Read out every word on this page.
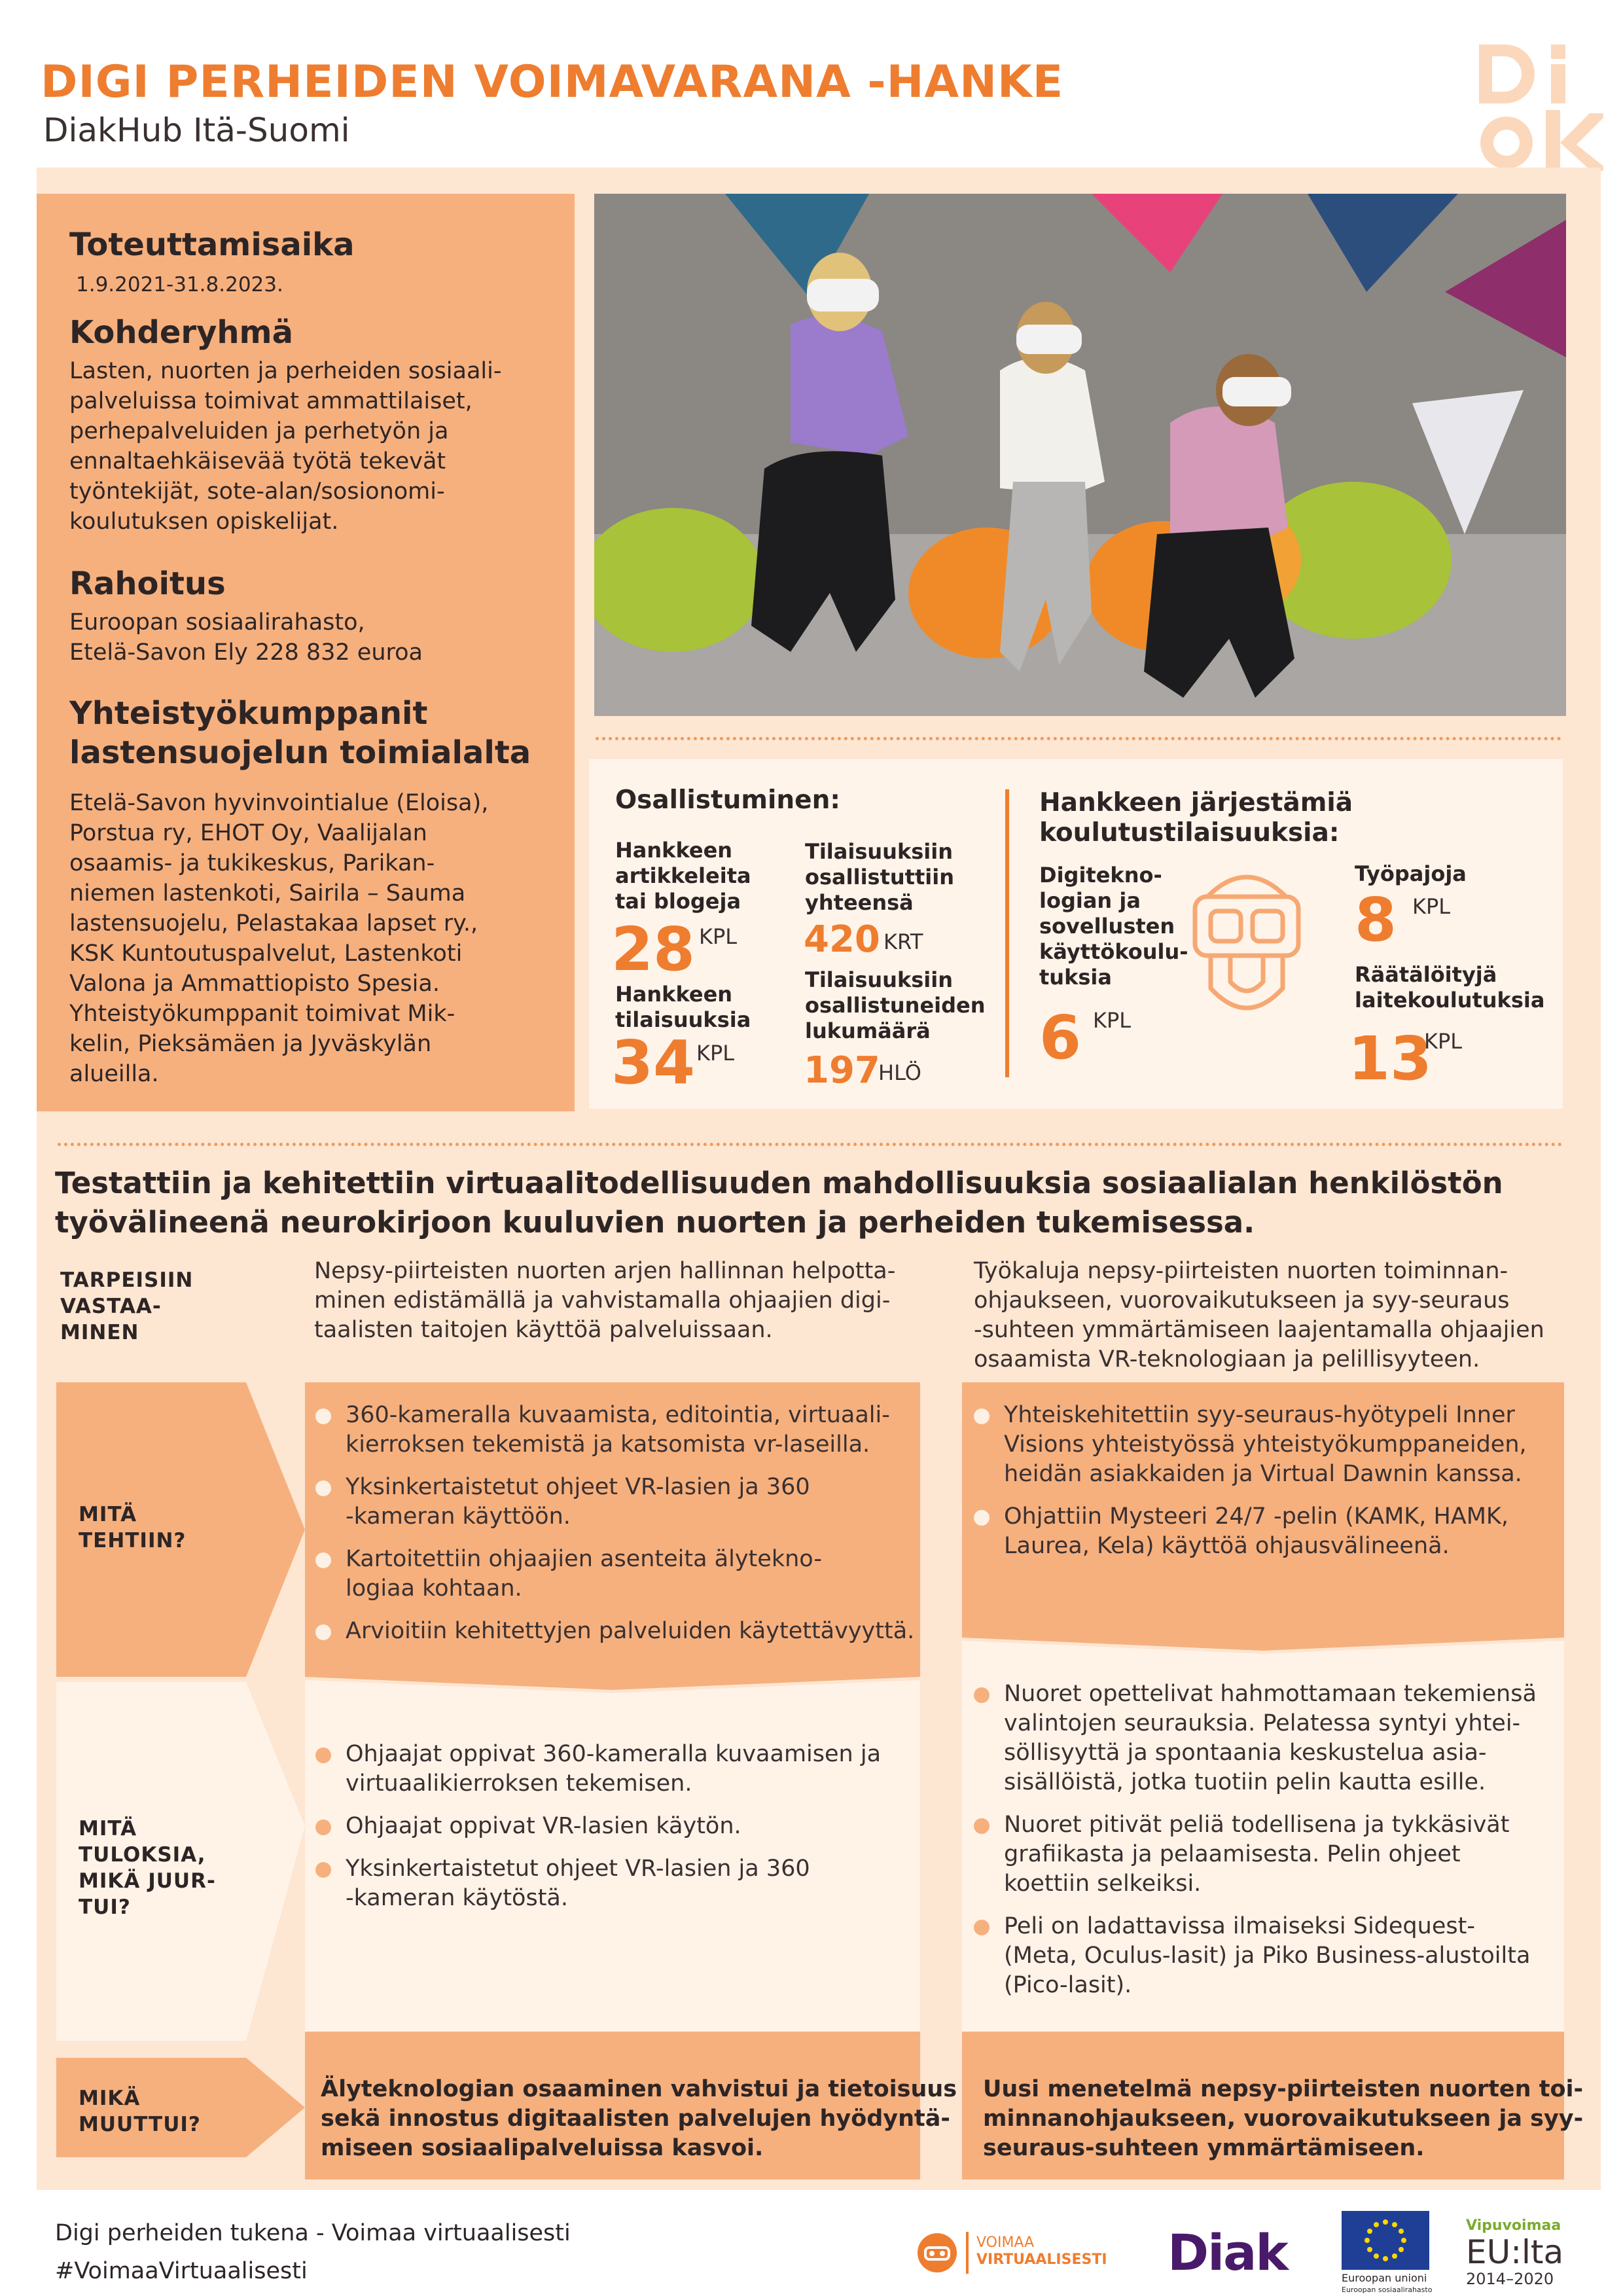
DIGI PERHEIDEN VOIMAVARANA -HANKE
DiakHub Itä-Suomi
Toteuttamisaika
1.9.2021-31.8.2023.
Kohderyhmä
Lasten, nuorten ja perheiden sosiaali-
palveluissa toimivat ammattilaiset,
perhepalveluiden ja perhetyön ja
ennaltaehkäisevää työtä tekevät
työntekijät, sote-alan/sosionomi-
koulutuksen opiskelijat.
Rahoitus
Euroopan sosiaalirahasto,
Etelä-Savon Ely 228 832 euroa
Yhteistyökumppanit
lastensuojelun toimialalta
Etelä-Savon hyvinvointialue (Eloisa),
Porstua ry, EHOT Oy, Vaalijalan
osaamis- ja tukikeskus, Parikan-
niemen lastenkoti, Sairila – Sauma
lastensuojelu, Pelastakaa lapset ry.,
KSK Kuntoutuspalvelut, Lastenkoti
Valona ja Ammattiopisto Spesia.
Yhteistyökumppanit toimivat Mik-
kelin, Pieksämäen ja Jyväskylän
alueilla.
Osallistuminen:
Hankkeen
artikkeleita
tai blogeja
28 KPL
Hankkeen
tilaisuuksia
34 KPL
Tilaisuuksiin
osallistuttiin
yhteensä
420 KRT
Tilaisuuksiin
osallistuneiden
lukumäärä
197
HLÖ
Hankkeen järjestämiä
koulutustilaisuuksia:
Digitekno-
logian ja
sovellusten
käyttökoulu-
tuksia
6 KPL
Työpajoja
8 KPL
Räätälöityjä
laitekoulutuksia
13
KPL
Testattiin ja kehitettiin virtuaalitodellisuuden mahdollisuuksia sosiaalialan henkilöstön
työvälineenä neurokirjoon kuuluvien nuorten ja perheiden tukemisessa.
TARPEISIIN
VASTAA-
MINEN
Nepsy-piirteisten nuorten arjen hallinnan helpotta-
minen edistämällä ja vahvistamalla ohjaajien digi-
taalisten taitojen käyttöä palveluissaan.
Työkaluja nepsy-piirteisten nuorten toiminnan-
ohjaukseen, vuorovaikutukseen ja syy-seuraus
-suhteen ymmärtämiseen laajentamalla ohjaajien
osaamista VR-teknologiaan ja pelillisyyteen.
MITÄ
TEHTIIN?
MITÄ
TULOKSIA,
MIKÄ JUUR-
TUI?
MIKÄ
MUUTTUI?
360-kameralla kuvaamista, editointia, virtuaali-
kierroksen tekemistä ja katsomista vr-laseilla.
Yksinkertaistetut ohjeet VR-lasien ja 360
-kameran käyttöön.
Kartoitettiin ohjaajien asenteita älytekno-
logiaa kohtaan.
Arvioitiin kehitettyjen palveluiden käytettävyyttä.
Yhteiskehitettiin syy-seuraus-hyötypeli Inner
Visions yhteistyössä yhteistyökumppaneiden,
heidän asiakkaiden ja Virtual Dawnin kanssa.
Ohjattiin Mysteeri 24/7 -pelin (KAMK, HAMK,
Laurea, Kela) käyttöä ohjausvälineenä.
Ohjaajat oppivat 360-kameralla kuvaamisen ja
virtuaalikierroksen tekemisen.
Ohjaajat oppivat VR-lasien käytön.
Yksinkertaistetut ohjeet VR-lasien ja 360
-kameran käytöstä.
Nuoret opettelivat hahmottamaan tekemiensä
valintojen seurauksia. Pelatessa syntyi yhtei-
söllisyyttä ja spontaania keskustelua asia-
sisällöistä, jotka tuotiin pelin kautta esille.
Nuoret pitivät peliä todellisena ja tykkäsivät
grafiikasta ja pelaamisesta. Pelin ohjeet
koettiin selkeiksi.
Peli on ladattavissa ilmaiseksi Sidequest-
(Meta, Oculus-lasit) ja Piko Business-alustoilta
(Pico-lasit).
Älyteknologian osaaminen vahvistui ja tietoisuus
sekä innostus digitaalisten palvelujen hyödyntä-
miseen sosiaalipalveluissa kasvoi.
Uusi menetelmä nepsy-piirteisten nuorten toi-
minnanohjaukseen, vuorovaikutukseen ja syy-
seuraus-suhteen ymmärtämiseen.
Digi perheiden tukena - Voimaa virtuaalisesti
#VoimaaVirtuaalisesti
VOIMAA
VIRTUAALISESTI Diak	Euroopan unioni
Euroopan sosiaalirahasto
Vipuvoimaa
EU:lta
2014–2020
